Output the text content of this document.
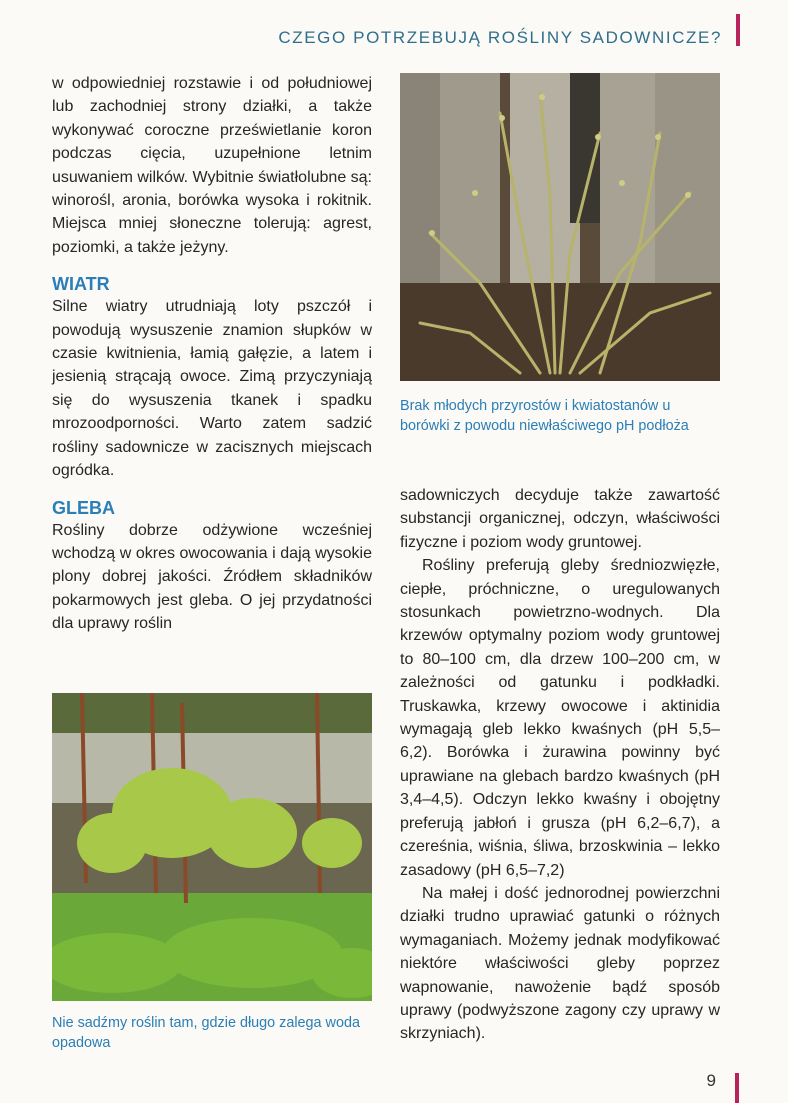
CZEGO POTRZEBUJĄ ROŚLINY SADOWNICZE?

w odpowiedniej rozstawie i od południowej lub zachodniej strony działki, a także wykonywać coroczne prześwietlanie koron podczas cięcia, uzupełnione letnim usuwaniem wilków. Wybitnie światłolubne są: winorośl, aronia, borówka wysoka i rokitnik. Miejsca mniej słoneczne tolerują: agrest, poziomki, a także jeżyny.

WIATR

Silne wiatry utrudniają loty pszczół i powodują wysuszenie znamion słupków w czasie kwitnienia, łamią gałęzie, a latem i jesienią strącają owoce. Zimą przyczyniają się do wysuszenia tkanek i spadku mrozoodporności. Warto zatem sadzić rośliny sadownicze w zacisznych miejscach ogródka.

GLEBA

Rośliny dobrze odżywione wcześniej wchodzą w okres owocowania i dają wysokie plony dobrej jakości. Źródłem składników pokarmowych jest gleba. O jej przydatności dla uprawy roślin

Brak młodych przyrostów i kwiatostanów u borówki z powodu niewłaściwego pH podłoża

sadowniczych decyduje także zawartość substancji organicznej, odczyn, właściwości fizyczne i poziom wody gruntowej.

Rośliny preferują gleby średniozwięzłe, ciepłe, próchniczne, o uregulowanych stosunkach powietrzno-wodnych. Dla krzewów optymalny poziom wody gruntowej to 80–100 cm, dla drzew 100–200 cm, w zależności od gatunku i podkładki. Truskawka, krzewy owocowe i aktinidia wymagają gleb lekko kwaśnych (pH 5,5–6,2). Borówka i żurawina powinny być uprawiane na glebach bardzo kwaśnych (pH 3,4–4,5). Odczyn lekko kwaśny i obojętny preferują jabłoń i grusza (pH 6,2–6,7), a czereśnia, wiśnia, śliwa, brzoskwinia – lekko zasadowy (pH 6,5–7,2)

Na małej i dość jednorodnej powierzchni działki trudno uprawiać gatunki o różnych wymaganiach. Możemy jednak modyfikować niektóre właściwości gleby poprzez wapnowanie, nawożenie bądź sposób uprawy (podwyższone zagony czy uprawy w skrzyniach).

Nie sadźmy roślin tam, gdzie długo zalega woda opadowa
9
